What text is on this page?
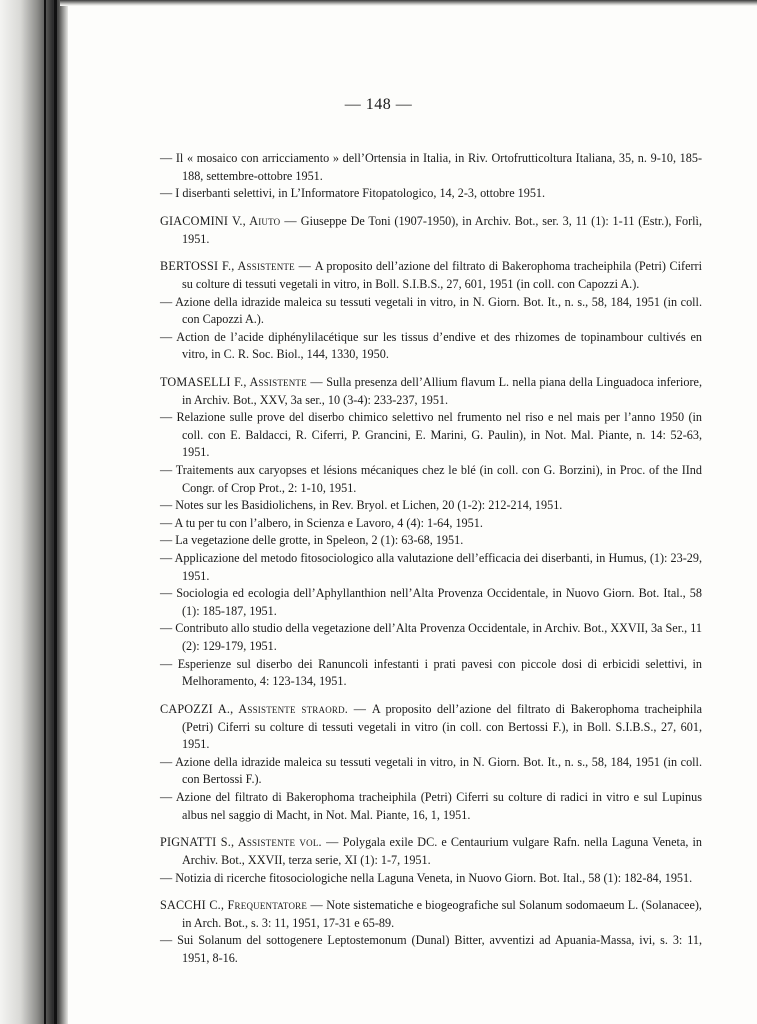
— 148 —

— Il « mosaico con arricciamento » dell’Ortensia in Italia, in Riv. Ortofrutticoltura Italiana, 35, n. 9-10, 185-188, settembre-ottobre 1951.

— I diserbanti selettivi, in L’Informatore Fitopatologico, 14, 2-3, ottobre 1951.

GIACOMINI V., Aiuto — Giuseppe De Toni (1907-1950), in Archiv. Bot., ser. 3, 11 (1): 1-11 (Estr.), Forlì, 1951.

BERTOSSI F., Assistente — A proposito dell’azione del filtrato di Bakerophoma tracheiphila (Petri) Ciferri su colture di tessuti vegetali in vitro, in Boll. S.I.B.S., 27, 601, 1951 (in coll. con Capozzi A.).

— Azione della idrazide maleica su tessuti vegetali in vitro, in N. Giorn. Bot. It., n. s., 58, 184, 1951 (in coll. con Capozzi A.).

— Action de l’acide diphénylilacétique sur les tissus d’endive et des rhizomes de topinambour cultivés en vitro, in C. R. Soc. Biol., 144, 1330, 1950.

TOMASELLI F., Assistente — Sulla presenza dell’Allium flavum L. nella piana della Linguadoca inferiore, in Archiv. Bot., XXV, 3a ser., 10 (3-4): 233-237, 1951.

— Relazione sulle prove del diserbo chimico selettivo nel frumento nel riso e nel mais per l’anno 1950 (in coll. con E. Baldacci, R. Ciferri, P. Grancini, E. Marini, G. Paulin), in Not. Mal. Piante, n. 14: 52-63, 1951.

— Traitements aux caryopses et lésions mécaniques chez le blé (in coll. con G. Borzini), in Proc. of the IInd Congr. of Crop Prot., 2: 1-10, 1951.

— Notes sur les Basidiolichens, in Rev. Bryol. et Lichen, 20 (1-2): 212-214, 1951.

— A tu per tu con l’albero, in Scienza e Lavoro, 4 (4): 1-64, 1951.

— La vegetazione delle grotte, in Speleon, 2 (1): 63-68, 1951.

— Applicazione del metodo fitosociologico alla valutazione dell’efficacia dei diserbanti, in Humus, (1): 23-29, 1951.

— Sociologia ed ecologia dell’Aphyllanthion nell’Alta Provenza Occidentale, in Nuovo Giorn. Bot. Ital., 58 (1): 185-187, 1951.

— Contributo allo studio della vegetazione dell’Alta Provenza Occidentale, in Archiv. Bot., XXVII, 3a Ser., 11 (2): 129-179, 1951.

— Esperienze sul diserbo dei Ranuncoli infestanti i prati pavesi con piccole dosi di erbicidi selettivi, in Melhoramento, 4: 123-134, 1951.

CAPOZZI A., Assistente straord. — A proposito dell’azione del filtrato di Bakerophoma tracheiphila (Petri) Ciferri su colture di tessuti vegetali in vitro (in coll. con Bertossi F.), in Boll. S.I.B.S., 27, 601, 1951.

— Azione della idrazide maleica su tessuti vegetali in vitro, in N. Giorn. Bot. It., n. s., 58, 184, 1951 (in coll. con Bertossi F.).

— Azione del filtrato di Bakerophoma tracheiphila (Petri) Ciferri su colture di radici in vitro e sul Lupinus albus nel saggio di Macht, in Not. Mal. Piante, 16, 1, 1951.

PIGNATTI S., Assistente vol. — Polygala exile DC. e Centaurium vulgare Rafn. nella Laguna Veneta, in Archiv. Bot., XXVII, terza serie, XI (1): 1-7, 1951.

— Notizia di ricerche fitosociologiche nella Laguna Veneta, in Nuovo Giorn. Bot. Ital., 58 (1): 182-84, 1951.

SACCHI C., Frequentatore — Note sistematiche e biogeografiche sul Solanum sodomaeum L. (Solanacee), in Arch. Bot., s. 3: 11, 1951, 17-31 e 65-89.

— Sui Solanum del sottogenere Leptostemonum (Dunal) Bitter, avventizi ad Apuania-Massa, ivi, s. 3: 11, 1951, 8-16.
